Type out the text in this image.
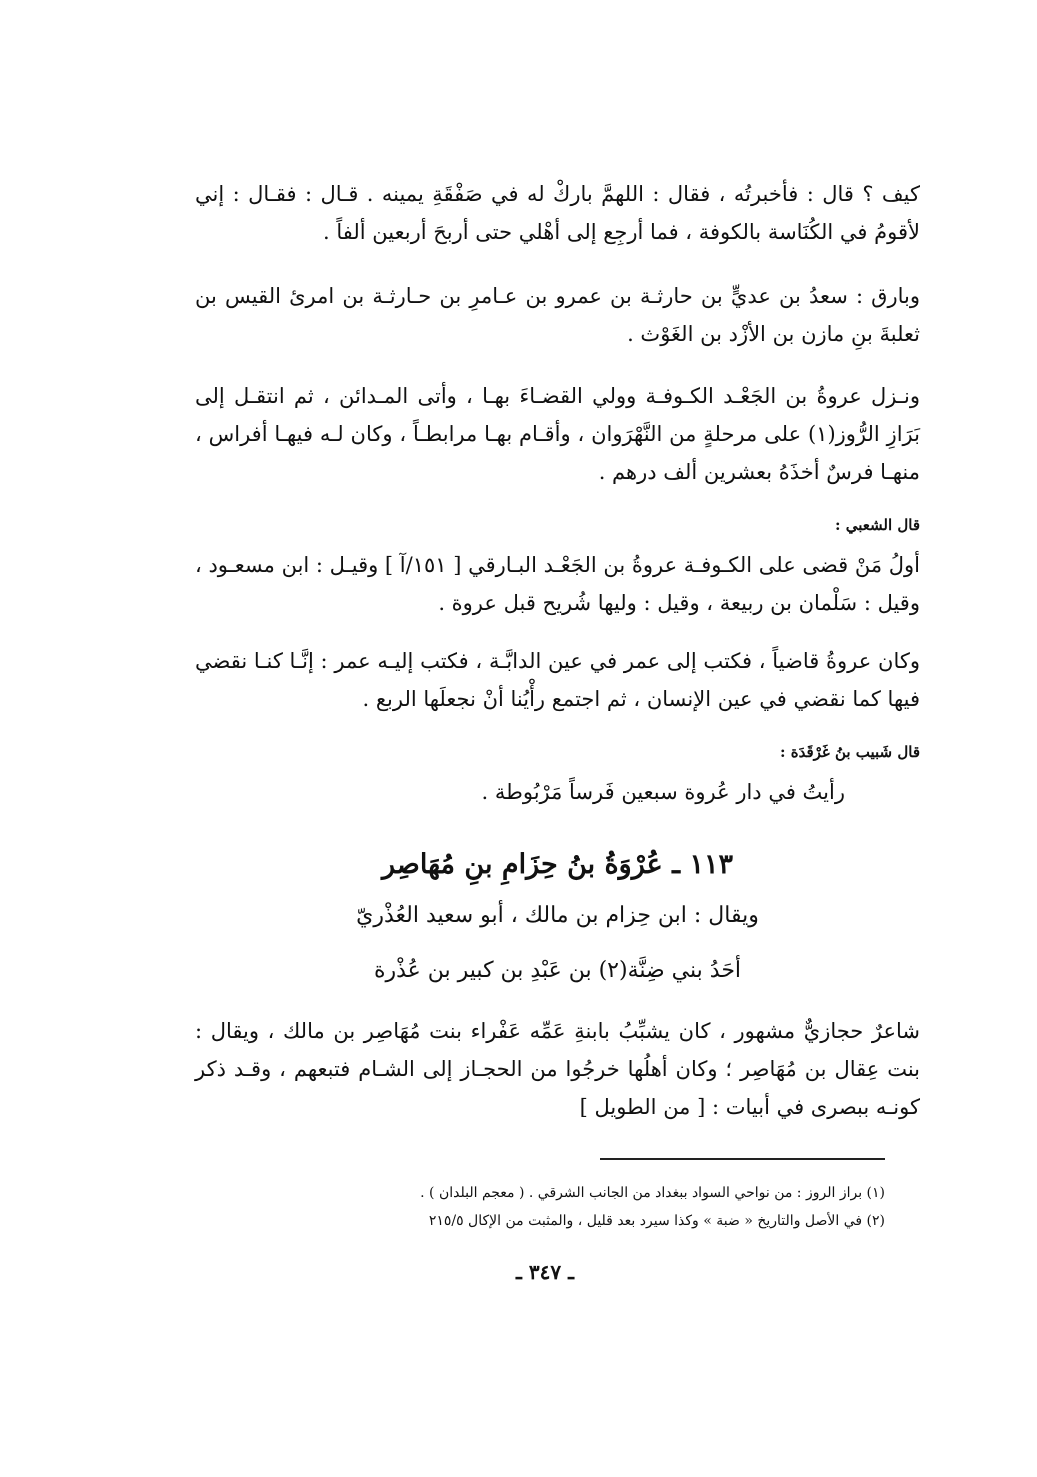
كيف ؟ قال : فأخبرتُه ، فقال : اللهمَّ باركْ له في صَفْقَةِ يمينه . قـال : فقـال : إني لأقومُ في الكُنَاسة بالكوفة ، فما أرجِع إلى أهْلي حتى أربحَ أربعين ألفاً .
وبارق : سعدُ بن عديٍّ بن حارثـة بن عمرو بن عـامرِ بن حـارثـة بن امرئ القيس بن ثعلبةَ بنِ مازن بن الأزْد بن الغَوْث .
ونـزل عروةُ بن الجَعْـد الكـوفـة وولي القضـاءَ بهـا ، وأتى المـدائن ، ثم انتقـل إلى بَرَازِ الرُّوز(١) على مرحلةٍ من النَّهْرَوان ، وأقـام بهـا مرابطـاً ، وكان لـه فيهـا أفراس ، منهـا فرسٌ أخذَهُ بعشرين ألف درهم .
قال الشعبي :
أولُ مَنْ قضى على الكـوفـة عروةُ بن الجَعْـد البـارقي [ ١٥١/آ ] وقيـل : ابن مسعـود ، وقيل : سَلْمان بن ربيعة ، وقيل : وليها شُريح قبل عروة .
وكان عروةُ قاضياً ، فكتب إلى عمر في عين الدابَّـة ، فكتب إليـه عمر : إنَّـا كنـا نقضي فيها كما نقضي في عين الإنسان ، ثم اجتمع رأْيُنا أنْ نجعلَها الربع .
قال شَبيب بنُ غَرْقَدَة :
رأيتُ في دار عُروة سبعين فَرساً مَرْبُوطة .
١١٣ ـ عُرْوَةُ بنُ حِزَامِ بنِ مُهَاصِر
ويقال : ابن حِزام بن مالك ، أبو سعيد العُذْريّ
أحَدُ بني ضِنَّة(٢) بن عَبْدِ بن كبير بن عُذْرة
شاعرٌ حجازيٌّ مشهور ، كان يشبِّبُ بابنةِ عَمِّه عَفْراء بنت مُهَاصِر بن مالك ، ويقال : بنت عِقال بن مُهَاصِر ؛ وكان أهلُها خرجُوا من الحجـاز إلى الشـام فتبعهم ، وقـد ذكر كونـه ببصرى في أبيات : [ من الطويل ]
(١) براز الروز : من نواحي السواد ببغداد من الجانب الشرقي . ( معجم البلدان ) .
(٢) في الأصل والتاريخ « ضبة » وكذا سيرد بعد قليل ، والمثبت من الإكال ٢١٥/٥
ـ ٣٤٧ ـ
